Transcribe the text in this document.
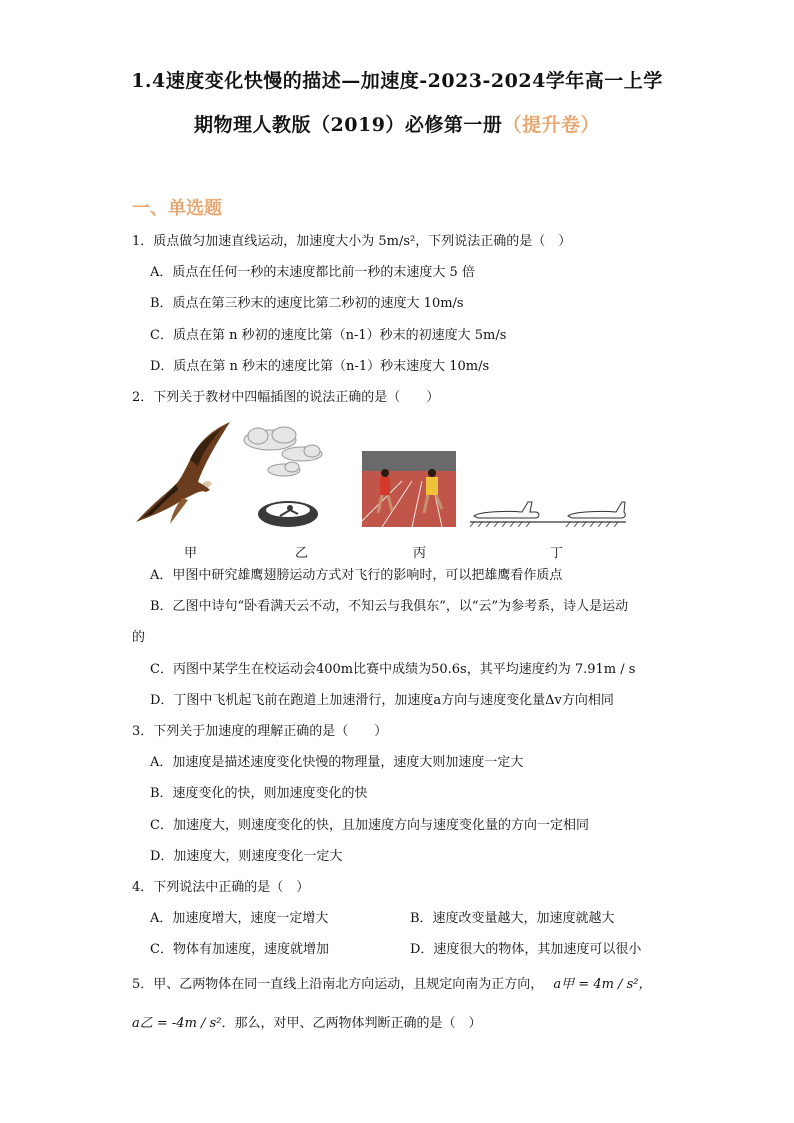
1.4速度变化快慢的描述—加速度-2023-2024学年高一上学
期物理人教版（2019）必修第一册（提升卷）
一、单选题
1．质点做匀加速直线运动，加速度大小为 5m/s²，下列说法正确的是（　）
A．质点在任何一秒的末速度都比前一秒的末速度大 5 倍
B．质点在第三秒末的速度比第二秒初的速度大 10m/s
C．质点在第 n 秒初的速度比第（n-1）秒末的初速度大 5m/s
D．质点在第 n 秒末的速度比第（n-1）秒末速度大 10m/s
2．下列关于教材中四幅插图的说法正确的是（　　）
甲	乙	丙	丁
A．甲图中研究雄鹰翅膀运动方式对飞行的影响时，可以把雄鹰看作质点
B．乙图中诗句“卧看满天云不动，不知云与我俱东”，以“云”为参考系，诗人是运动
的
C．丙图中某学生在校运动会400m比赛中成绩为50.6s，其平均速度约为 7.91m / s
D．丁图中飞机起飞前在跑道上加速滑行，加速度a方向与速度变化量Δv方向相同
3．下列关于加速度的理解正确的是（　　）
A．加速度是描述速度变化快慢的物理量，速度大则加速度一定大
B．速度变化的快，则加速度变化的快
C．加速度大，则速度变化的快，且加速度方向与速度变化量的方向一定相同
D．加速度大，则速度变化一定大
4．下列说法中正确的是（　）
A．加速度增大，速度一定增大	B．速度改变量越大，加速度就越大
C．物体有加速度，速度就增加	D．速度很大的物体，其加速度可以很小
5．甲、乙两物体在同一直线上沿南北方向运动，且规定向南为正方向， a甲 = 4m / s²，
a乙 = -4m / s²．那么，对甲、乙两物体判断正确的是（　）
